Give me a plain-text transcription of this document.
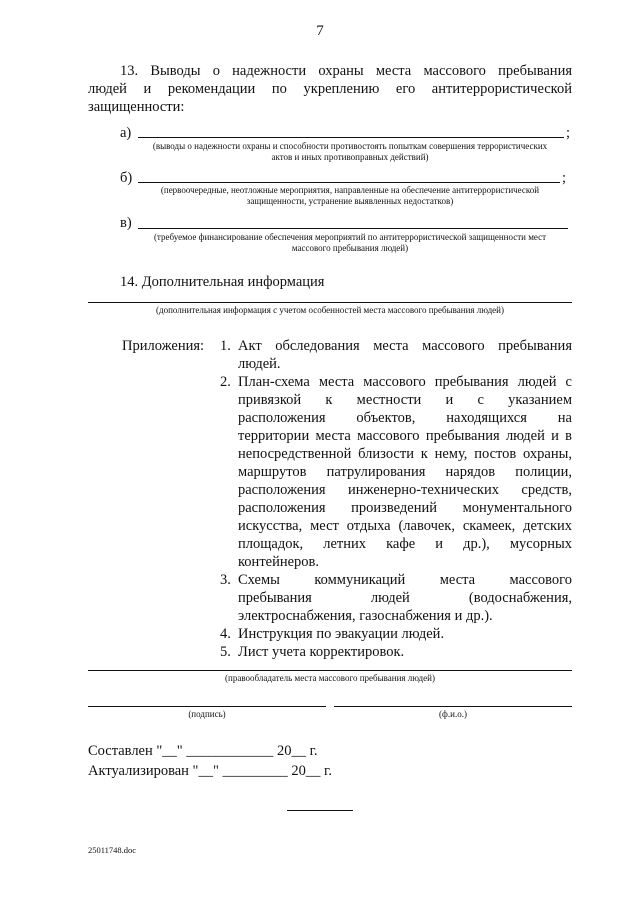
7
13. Выводы о надежности охраны места массового пребывания
людей и рекомендации по укреплению его антитеррористической
защищенности:
а)	;
(выводы о надежности охраны и способности противостоять попыткам совершения террористических
актов и иных противоправных действий)
б)	;
(первоочередные, неотложные мероприятия, направленные на обеспечение антитеррористической
защищенности, устранение выявленных недостатков)
в)
(требуемое финансирование обеспечения мероприятий по антитеррористической защищенности мест
массового пребывания людей)
14. Дополнительная информация
(дополнительная информация с учетом особенностей места массового пребывания людей)
Приложения: 1. Акт обследования места массового пребывания
людей.
2. План-схема места массового пребывания людей с
привязкой к местности и с указанием
расположения объектов, находящихся на
территории места массового пребывания людей и в
непосредственной близости к нему, постов охраны,
маршрутов патрулирования нарядов полиции,
расположения инженерно-технических средств,
расположения произведений монументального
искусства, мест отдыха (лавочек, скамеек, детских
площадок, летних кафе и др.), мусорных
контейнеров.
3. Схемы коммуникаций места массового
пребывания людей (водоснабжения,
электроснабжения, газоснабжения и др.).
4. Инструкция по эвакуации людей.
5. Лист учета корректировок.
(правообладатель места массового пребывания людей)
(подпись)	(ф.и.о.)
Составлен "__" ____________ 20__ г.
Актуализирован "__" _________ 20__ г.
25011748.doc
